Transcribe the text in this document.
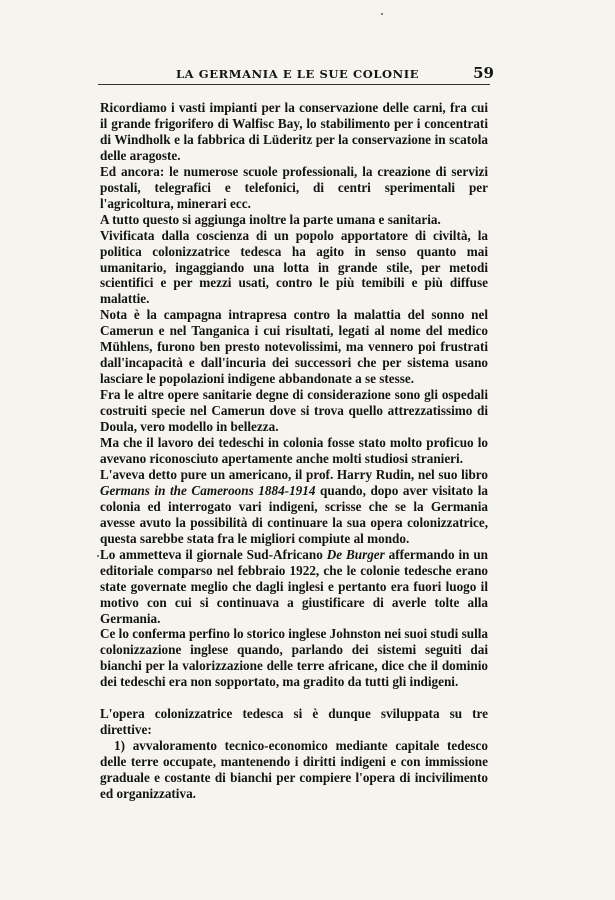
LA GERMANIA E LE SUE COLONIE	59

Ricordiamo i vasti impianti per la conservazione delle carni, fra cui il grande frigorifero di Walfisc Bay, lo stabilimento per i concentrati di Windholk e la fabbrica di Lüderitz per la conservazione in scatola delle aragoste.

Ed ancora: le numerose scuole professionali, la creazione di servizi postali, telegrafici e telefonici, di centri sperimentali per l'agricoltura, minerari ecc.

A tutto questo si aggiunga inoltre la parte umana e sanitaria.

Vivificata dalla coscienza di un popolo apportatore di civiltà, la politica colonizzatrice tedesca ha agito in senso quanto mai umanitario, ingaggiando una lotta in grande stile, per metodi scientifici e per mezzi usati, contro le più temibili e più diffuse malattie.

Nota è la campagna intrapresa contro la malattia del sonno nel Camerun e nel Tanganica i cui risultati, legati al nome del medico Mühlens, furono ben presto notevolissimi, ma vennero poi frustrati dall'incapacità e dall'incuria dei successori che per sistema usano lasciare le popolazioni indigene abbandonate a se stesse.

Fra le altre opere sanitarie degne di considerazione sono gli ospedali costruiti specie nel Camerun dove si trova quello attrezzatissimo di Doula, vero modello in bellezza.

Ma che il lavoro dei tedeschi in colonia fosse stato molto proficuo lo avevano riconosciuto apertamente anche molti studiosi stranieri.

L'aveva detto pure un americano, il prof. Harry Rudin, nel suo libro Germans in the Cameroons 1884-1914 quando, dopo aver visitato la colonia ed interrogato vari indigeni, scrisse che se la Germania avesse avuto la possibilità di continuare la sua opera colonizzatrice, questa sarebbe stata fra le migliori compiute al mondo.

Lo ammetteva il giornale Sud-Africano De Burger affermando in un editoriale comparso nel febbraio 1922, che le colonie tedesche erano state governate meglio che dagli inglesi e pertanto era fuori luogo il motivo con cui si continuava a giustificare di averle tolte alla Germania.

Ce lo conferma perfino lo storico inglese Johnston nei suoi studi sulla colonizzazione inglese quando, parlando dei sistemi seguiti dai bianchi per la valorizzazione delle terre africane, dice che il dominio dei tedeschi era non sopportato, ma gradito da tutti gli indigeni.

L'opera colonizzatrice tedesca si è dunque sviluppata su tre direttive:

1) avvaloramento tecnico-economico mediante capitale tedesco delle terre occupate, mantenendo i diritti indigeni e con immissione graduale e costante di bianchi per compiere l'opera di incivilimento ed organizzativa.
